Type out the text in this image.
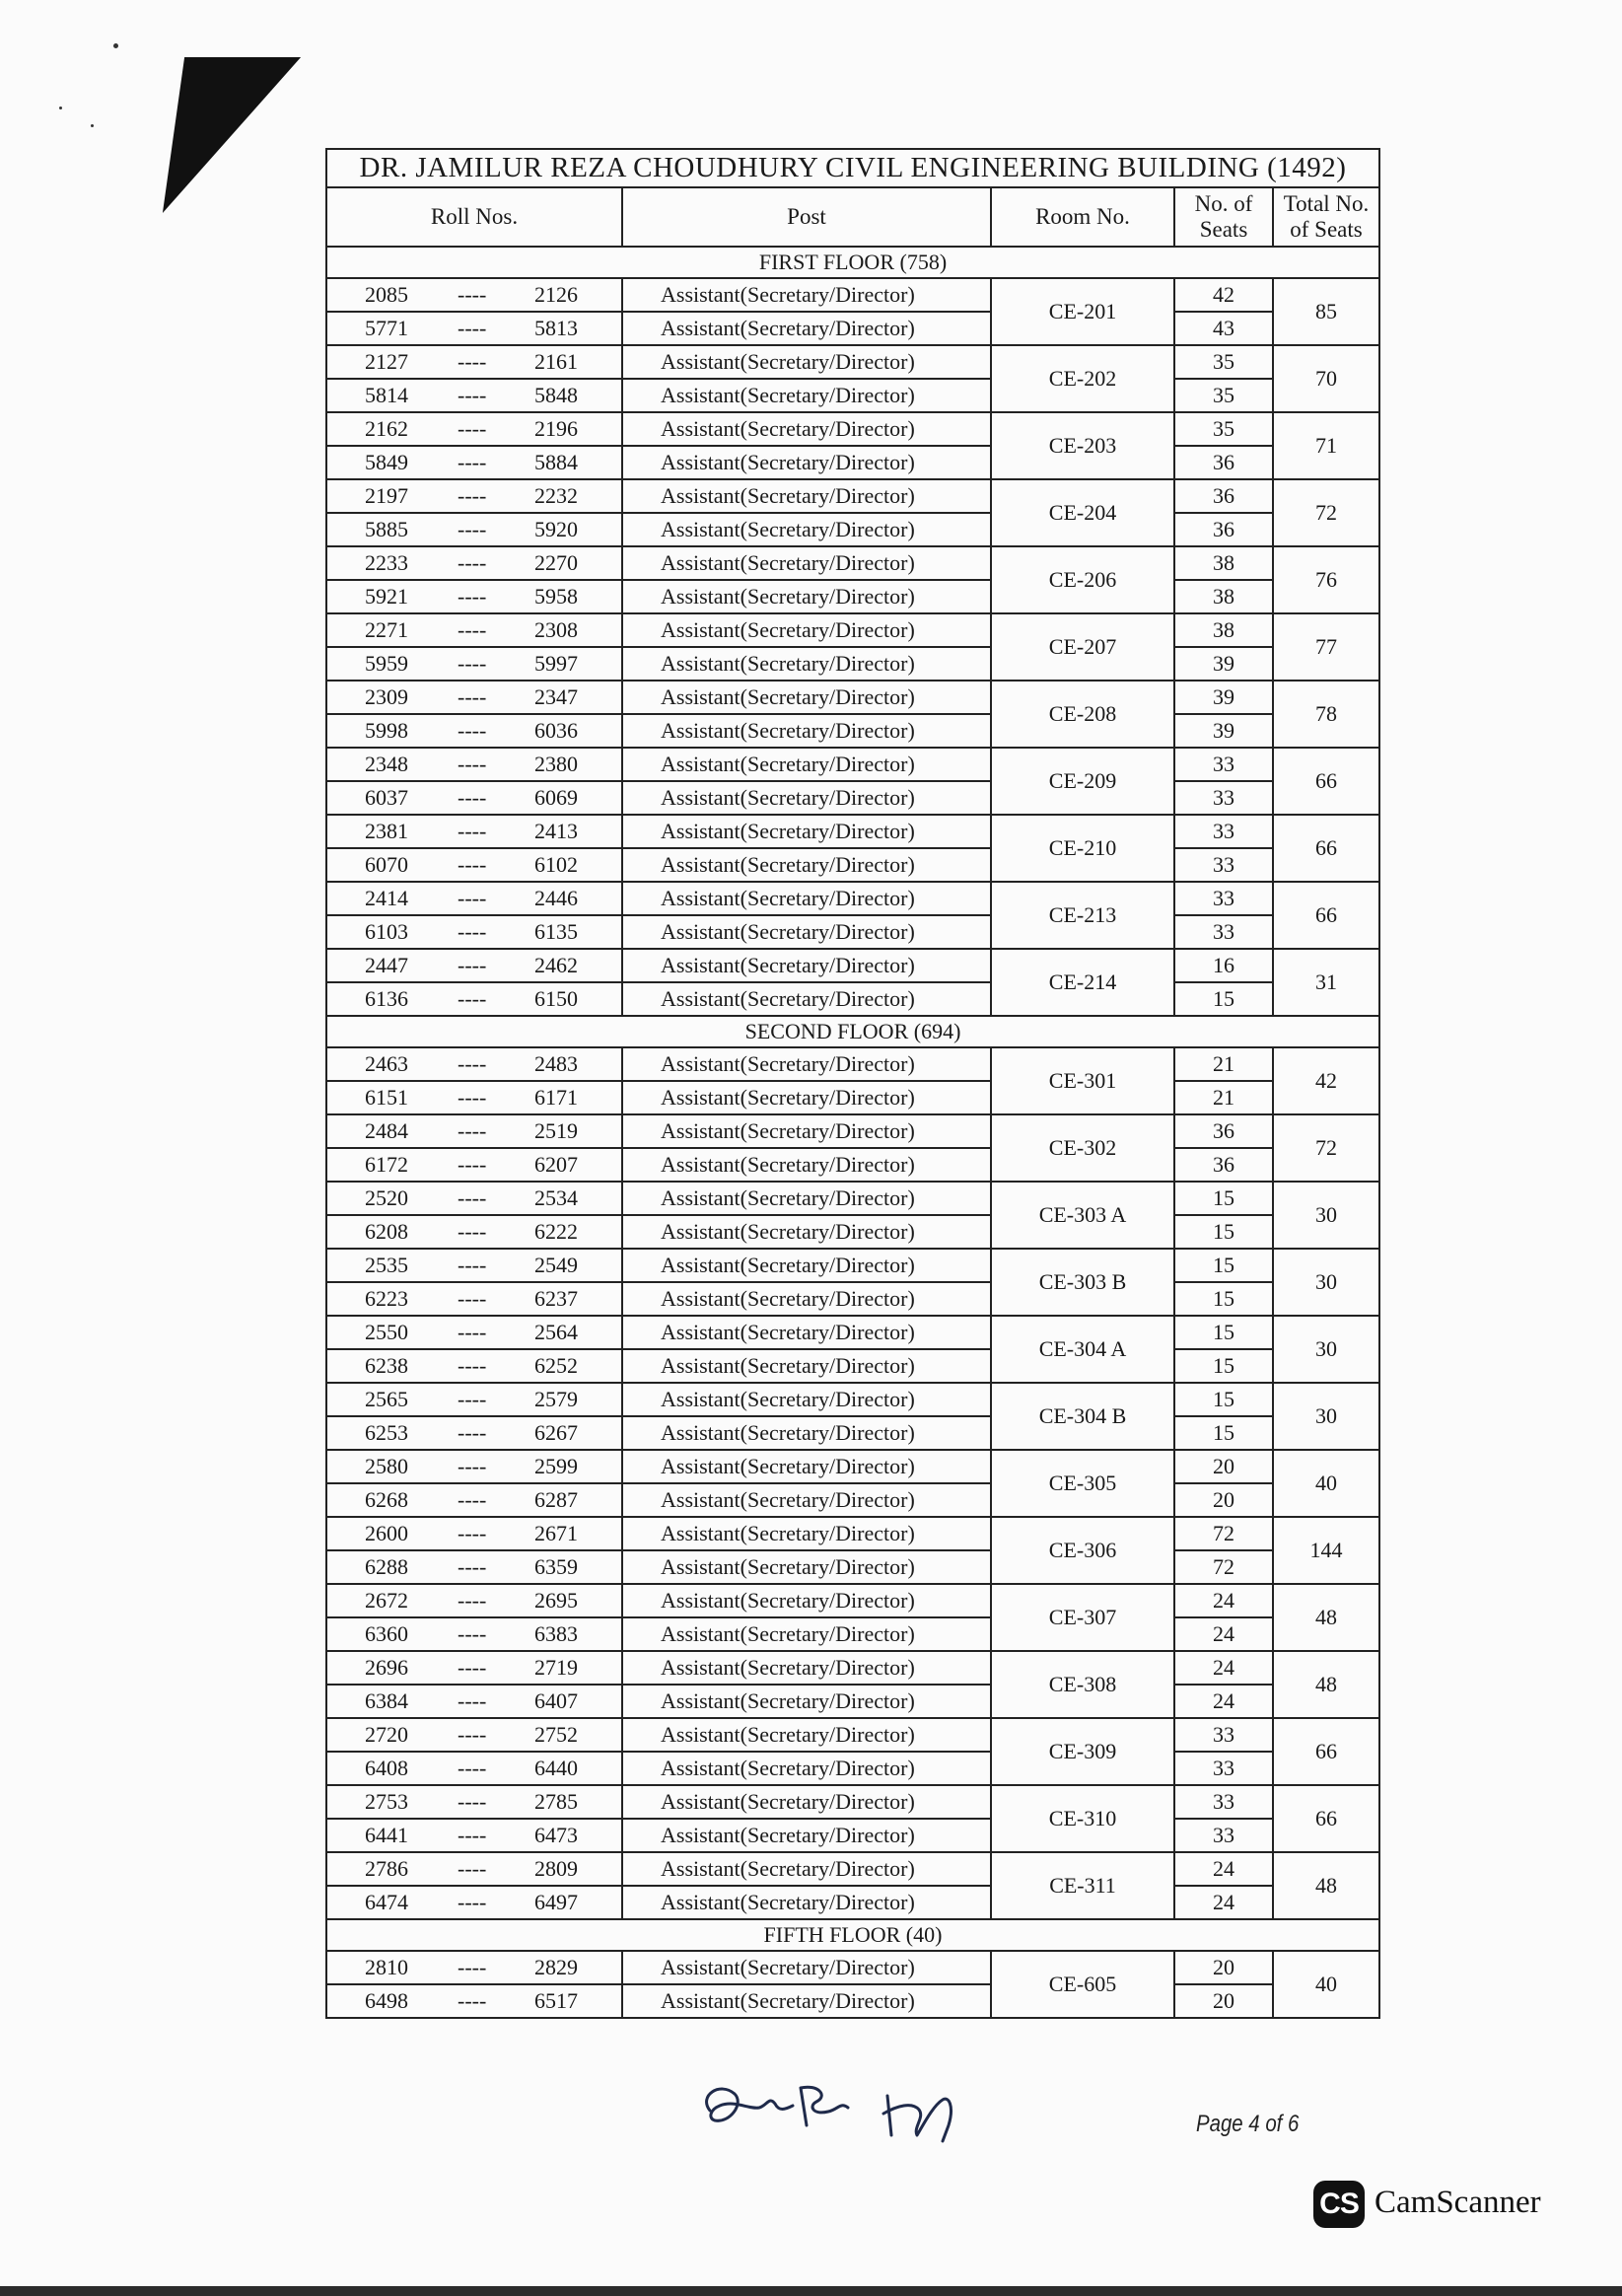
DR. JAMILUR REZA CHOUDHURY CIVIL ENGINEERING BUILDING (1492)				
Roll Nos.	Post	Room No.	No. of Seats	Total No. of Seats
FIRST FLOOR (758)				

2085 ---- 2126	Assistant(Secretary/Director)	CE-201	42	85

5771 ---- 5813	Assistant(Secretary/Director)		43	

2127 ---- 2161	Assistant(Secretary/Director)	CE-202	35	70

5814 ---- 5848	Assistant(Secretary/Director)		35	

2162 ---- 2196	Assistant(Secretary/Director)	CE-203	35	71

5849 ---- 5884	Assistant(Secretary/Director)		36	

2197 ---- 2232	Assistant(Secretary/Director)	CE-204	36	72

5885 ---- 5920	Assistant(Secretary/Director)		36	

2233 ---- 2270	Assistant(Secretary/Director)	CE-206	38	76

5921 ---- 5958	Assistant(Secretary/Director)		38	

2271 ---- 2308	Assistant(Secretary/Director)	CE-207	38	77

5959 ---- 5997	Assistant(Secretary/Director)		39	

2309 ---- 2347	Assistant(Secretary/Director)	CE-208	39	78

5998 ---- 6036	Assistant(Secretary/Director)		39	

2348 ---- 2380	Assistant(Secretary/Director)	CE-209	33	66

6037 ---- 6069	Assistant(Secretary/Director)		33	

2381 ---- 2413	Assistant(Secretary/Director)	CE-210	33	66

6070 ---- 6102	Assistant(Secretary/Director)		33	

2414 ---- 2446	Assistant(Secretary/Director)	CE-213	33	66

6103 ---- 6135	Assistant(Secretary/Director)		33	

2447 ---- 2462	Assistant(Secretary/Director)	CE-214	16	31

6136 ---- 6150	Assistant(Secretary/Director)		15	
SECOND FLOOR (694)				

2463 ---- 2483	Assistant(Secretary/Director)	CE-301	21	42

6151 ---- 6171	Assistant(Secretary/Director)		21	

2484 ---- 2519	Assistant(Secretary/Director)	CE-302	36	72

6172 ---- 6207	Assistant(Secretary/Director)		36	

2520 ---- 2534	Assistant(Secretary/Director)	CE-303 A	15	30

6208 ---- 6222	Assistant(Secretary/Director)		15	

2535 ---- 2549	Assistant(Secretary/Director)	CE-303 B	15	30

6223 ---- 6237	Assistant(Secretary/Director)		15	

2550 ---- 2564	Assistant(Secretary/Director)	CE-304 A	15	30

6238 ---- 6252	Assistant(Secretary/Director)		15	

2565 ---- 2579	Assistant(Secretary/Director)	CE-304 B	15	30

6253 ---- 6267	Assistant(Secretary/Director)		15	

2580 ---- 2599	Assistant(Secretary/Director)	CE-305	20	40

6268 ---- 6287	Assistant(Secretary/Director)		20	

2600 ---- 2671	Assistant(Secretary/Director)	CE-306	72	144

6288 ---- 6359	Assistant(Secretary/Director)		72	

2672 ---- 2695	Assistant(Secretary/Director)	CE-307	24	48

6360 ---- 6383	Assistant(Secretary/Director)		24	

2696 ---- 2719	Assistant(Secretary/Director)	CE-308	24	48

6384 ---- 6407	Assistant(Secretary/Director)		24	

2720 ---- 2752	Assistant(Secretary/Director)	CE-309	33	66

6408 ---- 6440	Assistant(Secretary/Director)		33	

2753 ---- 2785	Assistant(Secretary/Director)	CE-310	33	66

6441 ---- 6473	Assistant(Secretary/Director)		33	

2786 ---- 2809	Assistant(Secretary/Director)	CE-311	24	48

6474 ---- 6497	Assistant(Secretary/Director)		24	
FIFTH FLOOR (40)				

2810 ---- 2829	Assistant(Secretary/Director)	CE-605	20	40

6498 ---- 6517	Assistant(Secretary/Director)		20	
Page 4 of 6
CS CamScanner
